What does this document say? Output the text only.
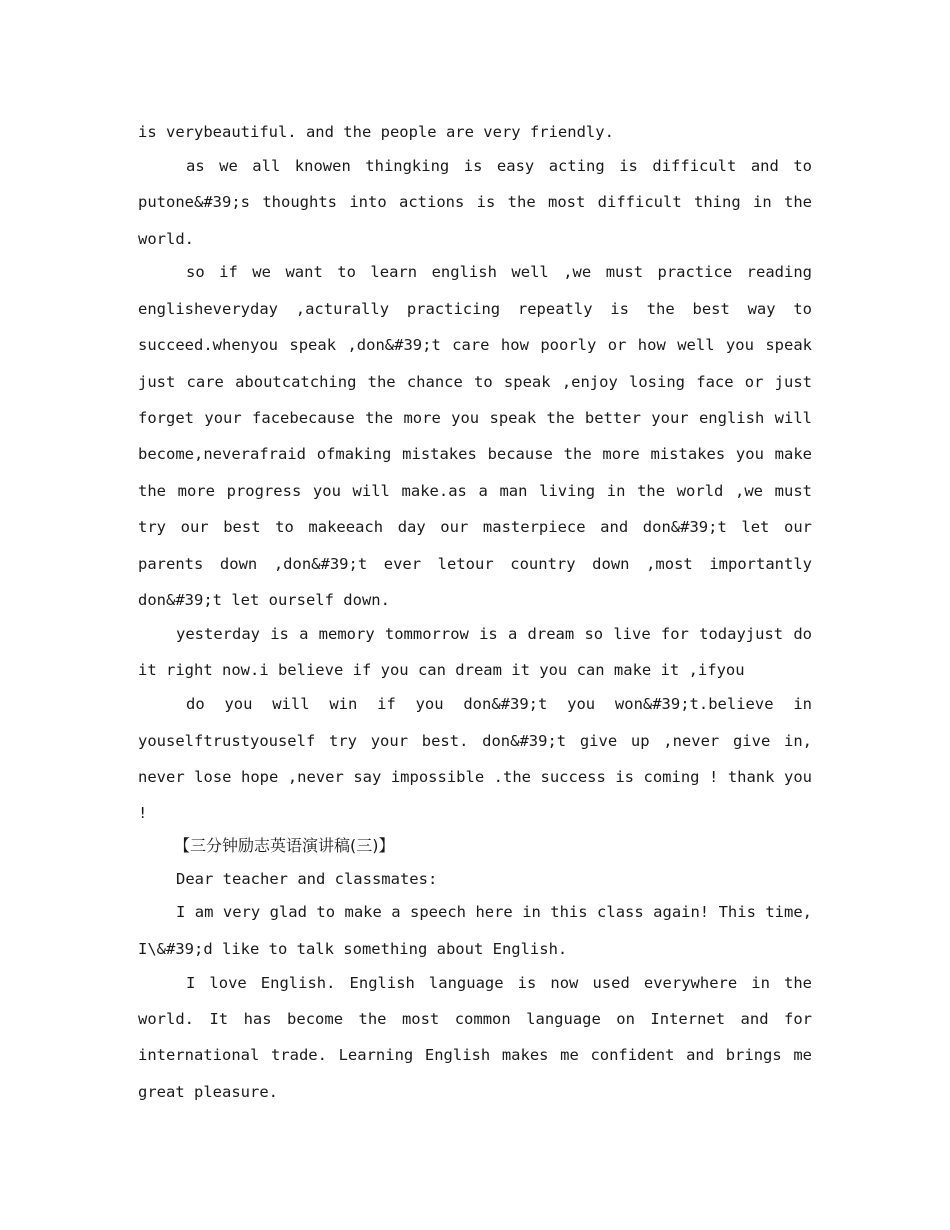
is verybeautiful. and the people are very friendly.

as we all knowen thingking is easy acting is difficult and to putone&#39;s thoughts into actions is the most difficult thing in the world.

so if we want to learn english well ,we must practice reading englisheveryday ,acturally practicing repeatly is the best way to succeed.whenyou speak ,don&#39;t care how poorly or how well you speak just care aboutcatching the chance to speak ,enjoy losing face or just forget your facebecause the more you speak the better your english will become,neverafraid ofmaking mistakes because the more mistakes you make the more progress you will make.as a man living in the world ,we must try our best to makeeach day our masterpiece and don&#39;t let our parents down ,don&#39;t ever letour country down ,most importantly don&#39;t let ourself down.

yesterday is a memory tommorrow is a dream so live for todayjust do it right now.i believe if you can dream it you can make it ,ifyou

do you will win if you don&#39;t you won&#39;t.believe in youselftrustyouself try your best. don&#39;t give up ,never give in, never lose hope ,never say impossible .the success is coming ! thank you !

【三分钟励志英语演讲稿(三)】

Dear teacher and classmates:

I am very glad to make a speech here in this class again! This time, I\&#39;d like to talk something about English.

I love English. English language is now used everywhere in the world. It has become the most common language on Internet and for international trade. Learning English makes me confident and brings me great pleasure.
